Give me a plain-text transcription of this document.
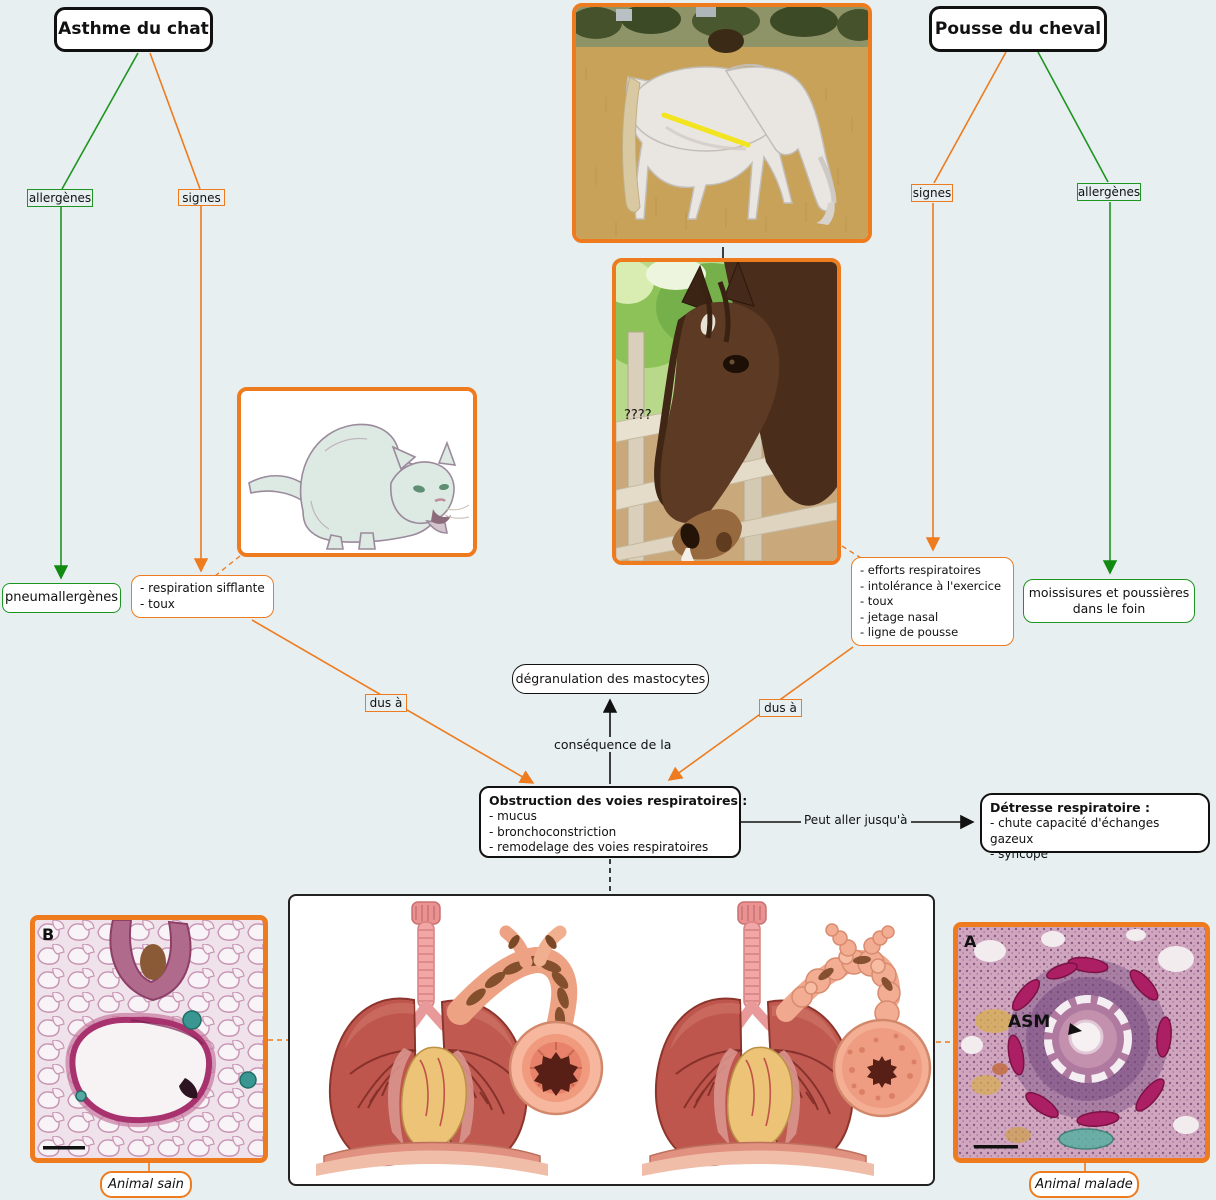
Asthme du chat	Pousse du cheval
allergènes	signes	signes	allergènes
dus à	dus à
conséquence de la
Peut aller jusqu'à
pneumallergènes
- respiration sifflante
- toux
- efforts respiratoires
- intolérance à l'exercice
- toux
- jetage nasal
- ligne de pousse
moissisures et poussières
dans le foin
dégranulation des mastocytes
Obstruction des voies respiratoires :
- mucus
- bronchoconstriction
- remodelage des voies respiratoires
Détresse respiratoire :
- chute capacité d'échanges gazeux
- syncope
Animal sain	Animal malade
????
B	A
ASM
